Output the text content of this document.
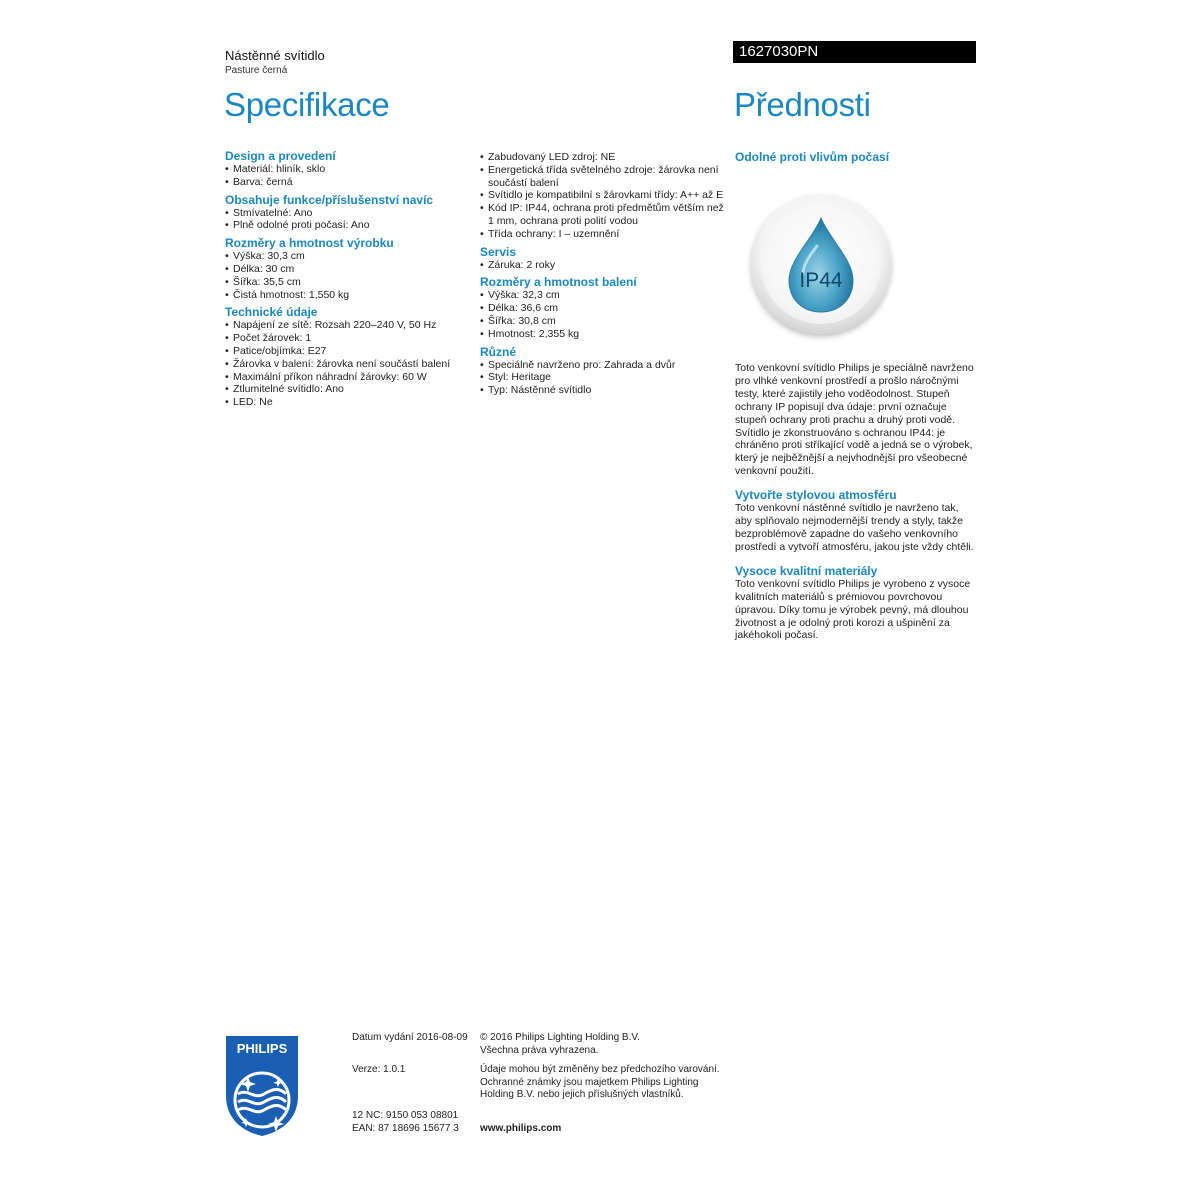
Nástěnné svítidlo
Pasture černá
1627030PN
Specifikace	Přednosti
Design a provedení
• Materiál: hliník, sklo
• Barva: černá
Obsahuje funkce/příslušenství navíc
• Stmívatelné: Ano
• Plně odolné proti počasí: Ano
Rozměry a hmotnost výrobku
• Výška: 30,3 cm
• Délka: 30 cm
• Šířka: 35,5 cm
• Čistá hmotnost: 1,550 kg
Technické údaje
• Napájení ze sítě: Rozsah 220–240 V, 50 Hz
• Počet žárovek: 1
• Patice/objímka: E27
• Žárovka v balení: žárovka není součástí balení
• Maximální příkon náhradní žárovky: 60 W
• Ztlumitelné svítidlo: Ano
• LED: Ne
• Zabudovaný LED zdroj: NE
• Energetická třída světelného zdroje: žárovka není součástí balení
• Svítidlo je kompatibilní s žárovkami třídy: A++ až E
• Kód IP: IP44, ochrana proti předmětům větším než 1 mm, ochrana proti polití vodou
• Třída ochrany: I – uzemnění
Servis
• Záruka: 2 roky
Rozměry a hmotnost balení
• Výška: 32,3 cm
• Délka: 36,6 cm
• Šířka: 30,8 cm
• Hmotnost: 2,355 kg
Různé
• Speciálně navrženo pro: Zahrada a dvůr
• Styl: Heritage
• Typ: Nástěnné svítidlo
Odolné proti vlivům počasí
IP44

Toto venkovní svítidlo Philips je speciálně navrženo pro vlhké venkovní prostředí a prošlo náročnými testy, které zajistily jeho voděodolnost. Stupeň ochrany IP popisují dva údaje: první označuje stupeň ochrany proti prachu a druhý proti vodě. Svítidlo je zkonstruováno s ochranou IP44: je chráněno proti stříkající vodě a jedná se o výrobek, který je nejběžnější a nejvhodnější pro všeobecné venkovní použití.

Vytvořte stylovou atmosféru

Toto venkovní nástěnné svítidlo je navrženo tak, aby splňovalo nejmodernější trendy a styly, takže bezproblémově zapadne do vašeho venkovního prostředí a vytvoří atmosféru, jakou jste vždy chtěli.

Vysoce kvalitní materiály

Toto venkovní svítidlo Philips je vyrobeno z vysoce kvalitních materiálů s prémiovou povrchovou úpravou. Díky tomu je výrobek pevný, má dlouhou životnost a je odolný proti korozi a ušpinění za jakéhokoli počasí.

PHILIPS
Datum vydání 2016-08-09
Verze: 1.0.1
12 NC: 9150 053 08801
EAN: 87 18696 15677 3
© 2016 Philips Lighting Holding B.V.
Všechna práva vyhrazena.
Údaje mohou být změněny bez předchozího varování. Ochranné známky jsou majetkem Philips Lighting Holding B.V. nebo jejich příslušných vlastníků.
www.philips.com
